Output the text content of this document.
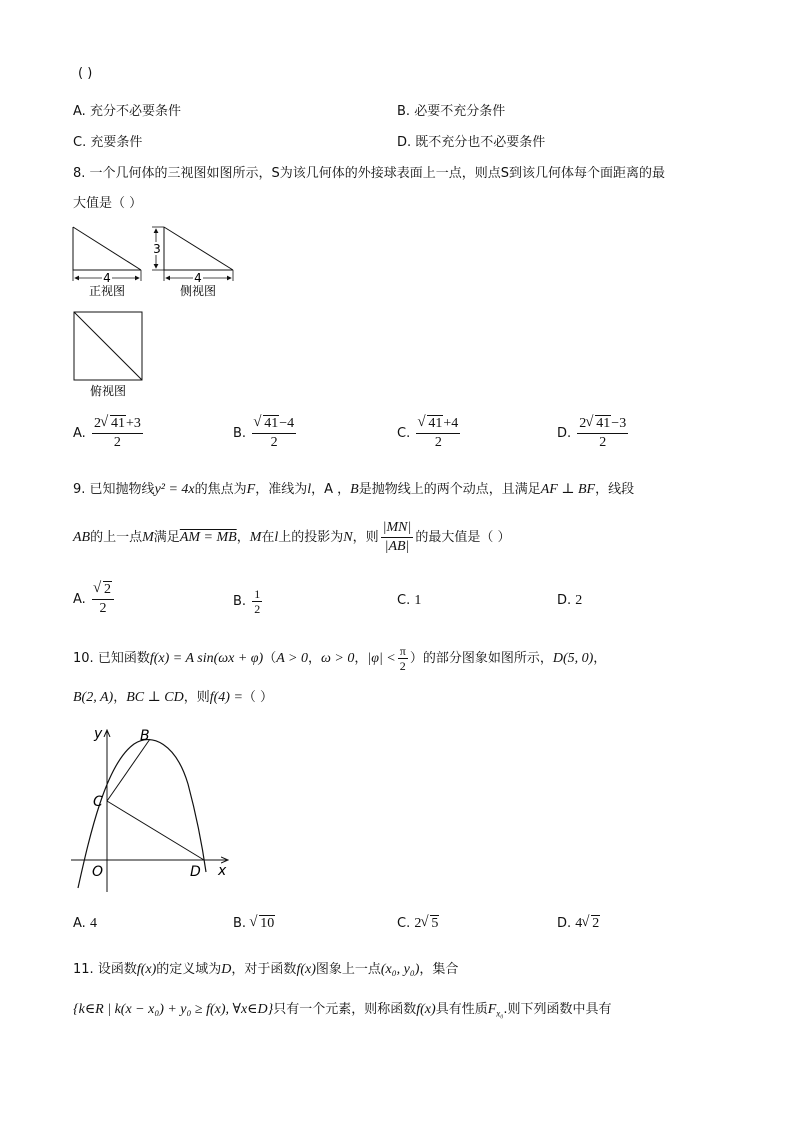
( )
A. 充分不必要条件	B. 必要不充分条件
C. 充要条件	D. 既不充分也不必要条件
8. 一个几何体的三视图如图所示，S为该几何体的外接球表面上一点，则点S到该几何体每个面距离的最
大值是（ ）
4
正视图
3
4
侧视图
俯视图
A. $\frac{2 √ 41+3}{2}$	B. √ $\frac{41-4}{2}$	C. √ $\frac{41+4}{2}$	D. $\frac{2 √ 41-3}{2}$
9. 已知抛物线y² = 4x的焦点为F，准线为l，A ，B是抛物线上的两个动点，且满足AF ⊥ BF，线段
AB的上一点M满足AM = MB，M在l上的投影为N，则 $\frac{|MN|}{|AB|}$ 的最大值是（ ）
A. √ $\frac{2}{2}$	B. $\frac{1}{2}$	C. 1	D. 2
10. 已知函数f(x) = A sin(ωx + φ)（A > 0，ω > 0，$|\varphi| < \frac{\pi}{2}$ ）的部分图象如图所示，D(5, 0)，
B(2, A)，BC ⊥ CD，则f(4) =（ ）
y
x
O
B
C
D
A. 4	B. √ 10	C. 2 √ 5	D. 4 √ 2
11. 设函数f(x)的定义域为D，对于函数f(x)图象上一点(x₀, y₀)，集合
{k∈R | k(x − x₀) + y₀ ≥ f(x), ∀x∈D}只有一个元素，则称函数f(x)具有性质$F_{x_0}$.则下列函数中具有
